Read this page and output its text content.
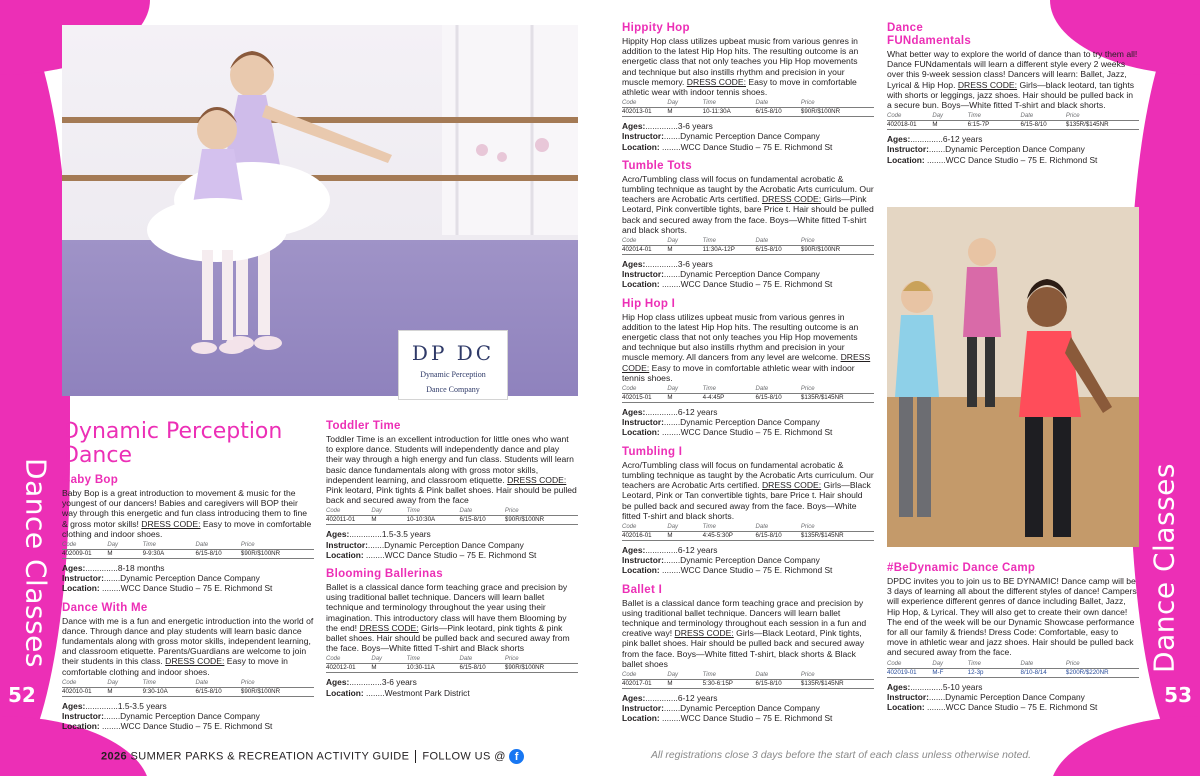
Dance Classes	Dance Classes
52	53
DP DC
Dynamic Perception
Dance Company
Dynamic Perception Dance
Baby Bop
Baby Bop is a great introduction to movement & music for the youngest of our dancers! Babies and caregivers will BOP their way through this energetic and fun class introducing them to fine & gross motor skills! DRESS CODE: Easy to move in comfortable clothing and indoor shoes.
Code	Day	Time	Date	Price
402009-01	M	9-9:30A	6/15-8/10	$90R/$100NR
Ages:..............8-18 months
Instructor:.......Dynamic Perception Dance Company
Location: ........WCC Dance Studio – 75 E. Richmond St
Dance With Me
Dance with me is a fun and energetic introduction into the world of dance. Through dance and play students will learn basic dance fundamentals along with gross motor skills, independent learning, and classroom etiquette. Parents/Guardians are welcome to join their students in this class. DRESS CODE: Easy to move in comfortable clothing and indoor shoes.
Code	Day	Time	Date	Price
402010-01	M	9:30-10A	6/15-8/10	$90R/$100NR
Ages:..............1.5-3.5 years
Instructor:.......Dynamic Perception Dance Company
Location: ........WCC Dance Studio – 75 E. Richmond St
Toddler Time
Toddler Time is an excellent introduction for little ones who want to explore dance. Students will independently dance and play their way through a high energy and fun class. Students will learn basic dance fundamentals along with gross motor skills, independent learning, and classroom etiquette. DRESS CODE: Pink leotard, Pink tights & Pink ballet shoes. Hair should be pulled back and secured away from the face
Code	Day	Time	Date	Price
402011-01	M	10-10:30A	6/15-8/10	$90R/$100NR
Ages:..............1.5-3.5 years
Instructor:.......Dynamic Perception Dance Company
Location: ........WCC Dance Studio – 75 E. Richmond St
Blooming Ballerinas
Ballet is a classical dance form teaching grace and precision by using traditional ballet technique. Dancers will learn ballet technique and terminology throughout the year using their imagination. This introductory class will have them Blooming by the end! DRESS CODE: Girls—Pink leotard, pink tights & pink ballet shoes. Hair should be pulled back and secured away from the face. Boys—White fitted T-shirt and Black shorts
Code	Day	Time	Date	Price
402012-01	M	10:30-11A	6/15-8/10	$90R/$100NR
Ages:..............3-6 years
Location: ........Westmont Park District
Hippity Hop
Hippity Hop class utilizes upbeat music from various genres in addition to the latest Hip Hop hits. The resulting outcome is an energetic class that not only teaches you Hip Hop movements and technique but also instills rhythm and precision in your muscle memory. DRESS CODE: Easy to move in comfortable athletic wear with indoor tennis shoes.
Code	Day	Time	Date	Price
402013-01	M	10-11:30A	6/15-8/10	$90R/$100NR
Ages:..............3-6 years
Instructor:.......Dynamic Perception Dance Company
Location: ........WCC Dance Studio – 75 E. Richmond St
Tumble Tots
Acro/Tumbling class will focus on fundamental acrobatic & tumbling technique as taught by the Acrobatic Arts curriculum. Our teachers are Acrobatic Arts certified. DRESS CODE: Girls—Pink Leotard, Pink convertible tights, bare Price t. Hair should be pulled back and secured away from the face. Boys—White fitted T-shirt and black shorts.
Code	Day	Time	Date	Price
402014-01	M	11:30A-12P	6/15-8/10	$90R/$100NR
Ages:..............3-6 years
Instructor:.......Dynamic Perception Dance Company
Location: ........WCC Dance Studio – 75 E. Richmond St
Hip Hop I
Hip Hop class utilizes upbeat music from various genres in addition to the latest Hip Hop hits. The resulting outcome is an energetic class that not only teaches you Hip Hop movements and technique but also instills rhythm and precision in your muscle memory. All dancers from any level are welcome. DRESS CODE: Easy to move in comfortable athletic wear with indoor tennis shoes.
Code	Day	Time	Date	Price
402015-01	M	4-4:45P	6/15-8/10	$135R/$145NR
Ages:..............6-12 years
Instructor:.......Dynamic Perception Dance Company
Location: ........WCC Dance Studio – 75 E. Richmond St
Tumbling I
Acro/Tumbling class will focus on fundamental acrobatic & tumbling technique as taught by the Acrobatic Arts curriculum. Our teachers are Acrobatic Arts certified. DRESS CODE: Girls—Black Leotard, Pink or Tan convertible tights, bare Price t. Hair should be pulled back and secured away from the face. Boys—White fitted T-shirt and black shorts.
Code	Day	Time	Date	Price
402016-01	M	4:45-5:30P	6/15-8/10	$135R/$145NR
Ages:..............6-12 years
Instructor:.......Dynamic Perception Dance Company
Location: ........WCC Dance Studio – 75 E. Richmond St
Ballet I
Ballet is a classical dance form teaching grace and precision by using traditional ballet technique. Dancers will learn ballet technique and terminology throughout each session in a fun and creative way! DRESS CODE: Girls—Black Leotard, Pink tights, pink ballet shoes. Hair should be pulled back and secured away from the face. Boys—White fitted T-shirt, black shorts & Black ballet shoes
Code	Day	Time	Date	Price
402017-01	M	5:30-6:15P	6/15-8/10	$135R/$145NR
Ages:..............6-12 years
Instructor:.......Dynamic Perception Dance Company
Location: ........WCC Dance Studio – 75 E. Richmond St
Dance
FUNdamentals
What better way to explore the world of dance than to try them all! Dance FUNdamentals will learn a different style every 2 weeks over this 9-week session class! Dancers will learn: Ballet, Jazz, Lyrical & Hip Hop. DRESS CODE: Girls—black leotard, tan tights with shorts or leggings, jazz shoes. Hair should be pulled back in a secure bun. Boys—White fitted T-shirt and black shorts.
Code	Day	Time	Date	Price
402018-01	M	6:15-7P	6/15-8/10	$135R/$145NR
Ages:..............6-12 years
Instructor:.......Dynamic Perception Dance Company
Location: ........WCC Dance Studio – 75 E. Richmond St
#BeDynamic Dance Camp
DPDC invites you to join us to BE DYNAMIC! Dance camp will be 3 days of learning all about the different styles of dance! Campers will experience different genres of dance including Ballet, Jazz, Hip Hop, & Lyrical. They will also get to create their own dance! The end of the week will be our Dynamic Showcase performance for all our family & friends! Dress Code: Comfortable, easy to move in athletic wear and jazz shoes. Hair should be pulled back and secured away from the face.
Code	Day	Time	Date	Price
402019-01	M-F	12-3p	8/10-8/14	$200R/$220NR
Ages:..............5-10 years
Instructor:.......Dynamic Perception Dance Company
Location: ........WCC Dance Studio – 75 E. Richmond St
2026 SUMMER PARKS & RECREATION ACTIVITY GUIDE FOLLOW US @ f	All registrations close 3 days before the start of each class unless otherwise noted.
